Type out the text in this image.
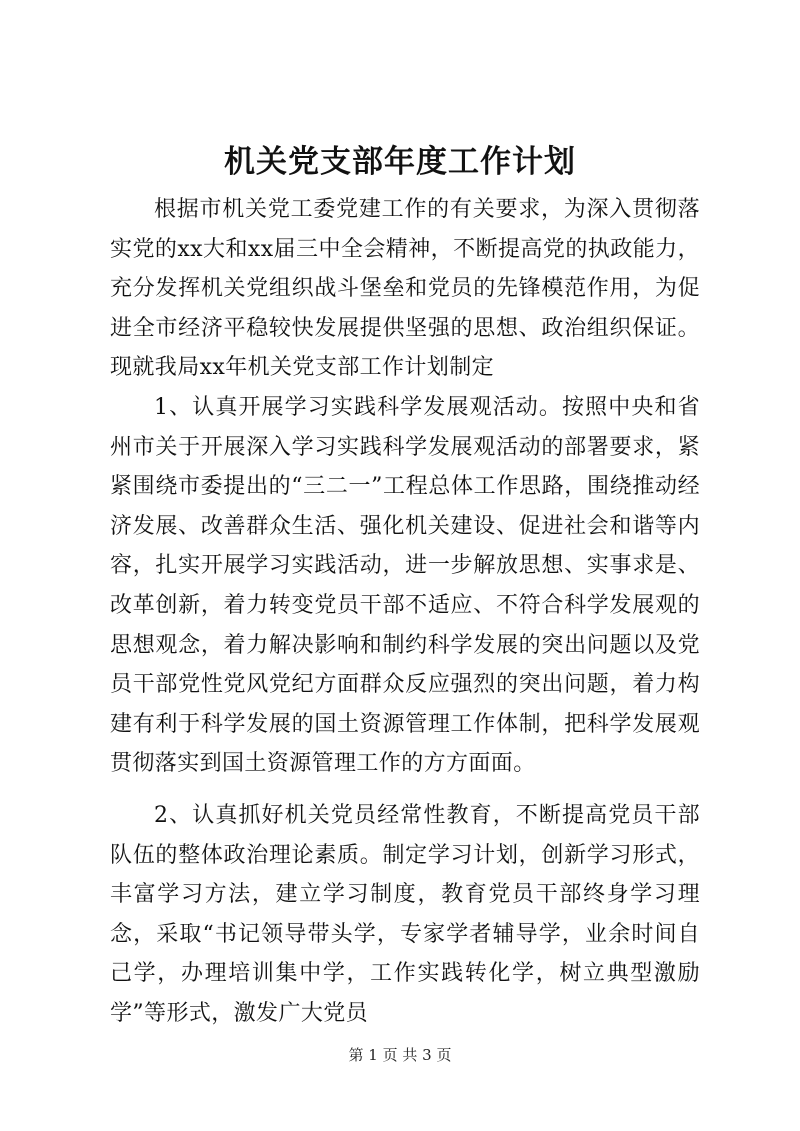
机关党支部年度工作计划

根据市机关党工委党建工作的有关要求，为深入贯彻落实党的xx大和xx届三中全会精神，不断提高党的执政能力，充分发挥机关党组织战斗堡垒和党员的先锋模范作用，为促进全市经济平稳较快发展提供坚强的思想、政治组织保证。现就我局xx年机关党支部工作计划制定

1、认真开展学习实践科学发展观活动。按照中央和省州市关于开展深入学习实践科学发展观活动的部署要求，紧紧围绕市委提出的“三二一”工程总体工作思路，围绕推动经济发展、改善群众生活、强化机关建设、促进社会和谐等内容，扎实开展学习实践活动，进一步解放思想、实事求是、改革创新，着力转变党员干部不适应、不符合科学发展观的思想观念，着力解决影响和制约科学发展的突出问题以及党员干部党性党风党纪方面群众反应强烈的突出问题，着力构建有利于科学发展的国土资源管理工作体制，把科学发展观贯彻落实到国土资源管理工作的方方面面。

2、认真抓好机关党员经常性教育，不断提高党员干部队伍的整体政治理论素质。制定学习计划，创新学习形式，丰富学习方法，建立学习制度，教育党员干部终身学习理念，采取“书记领导带头学，专家学者辅导学，业余时间自己学，办理培训集中学，工作实践转化学，树立典型激励学”等形式，激发广大党员

第 1 页 共 3 页
